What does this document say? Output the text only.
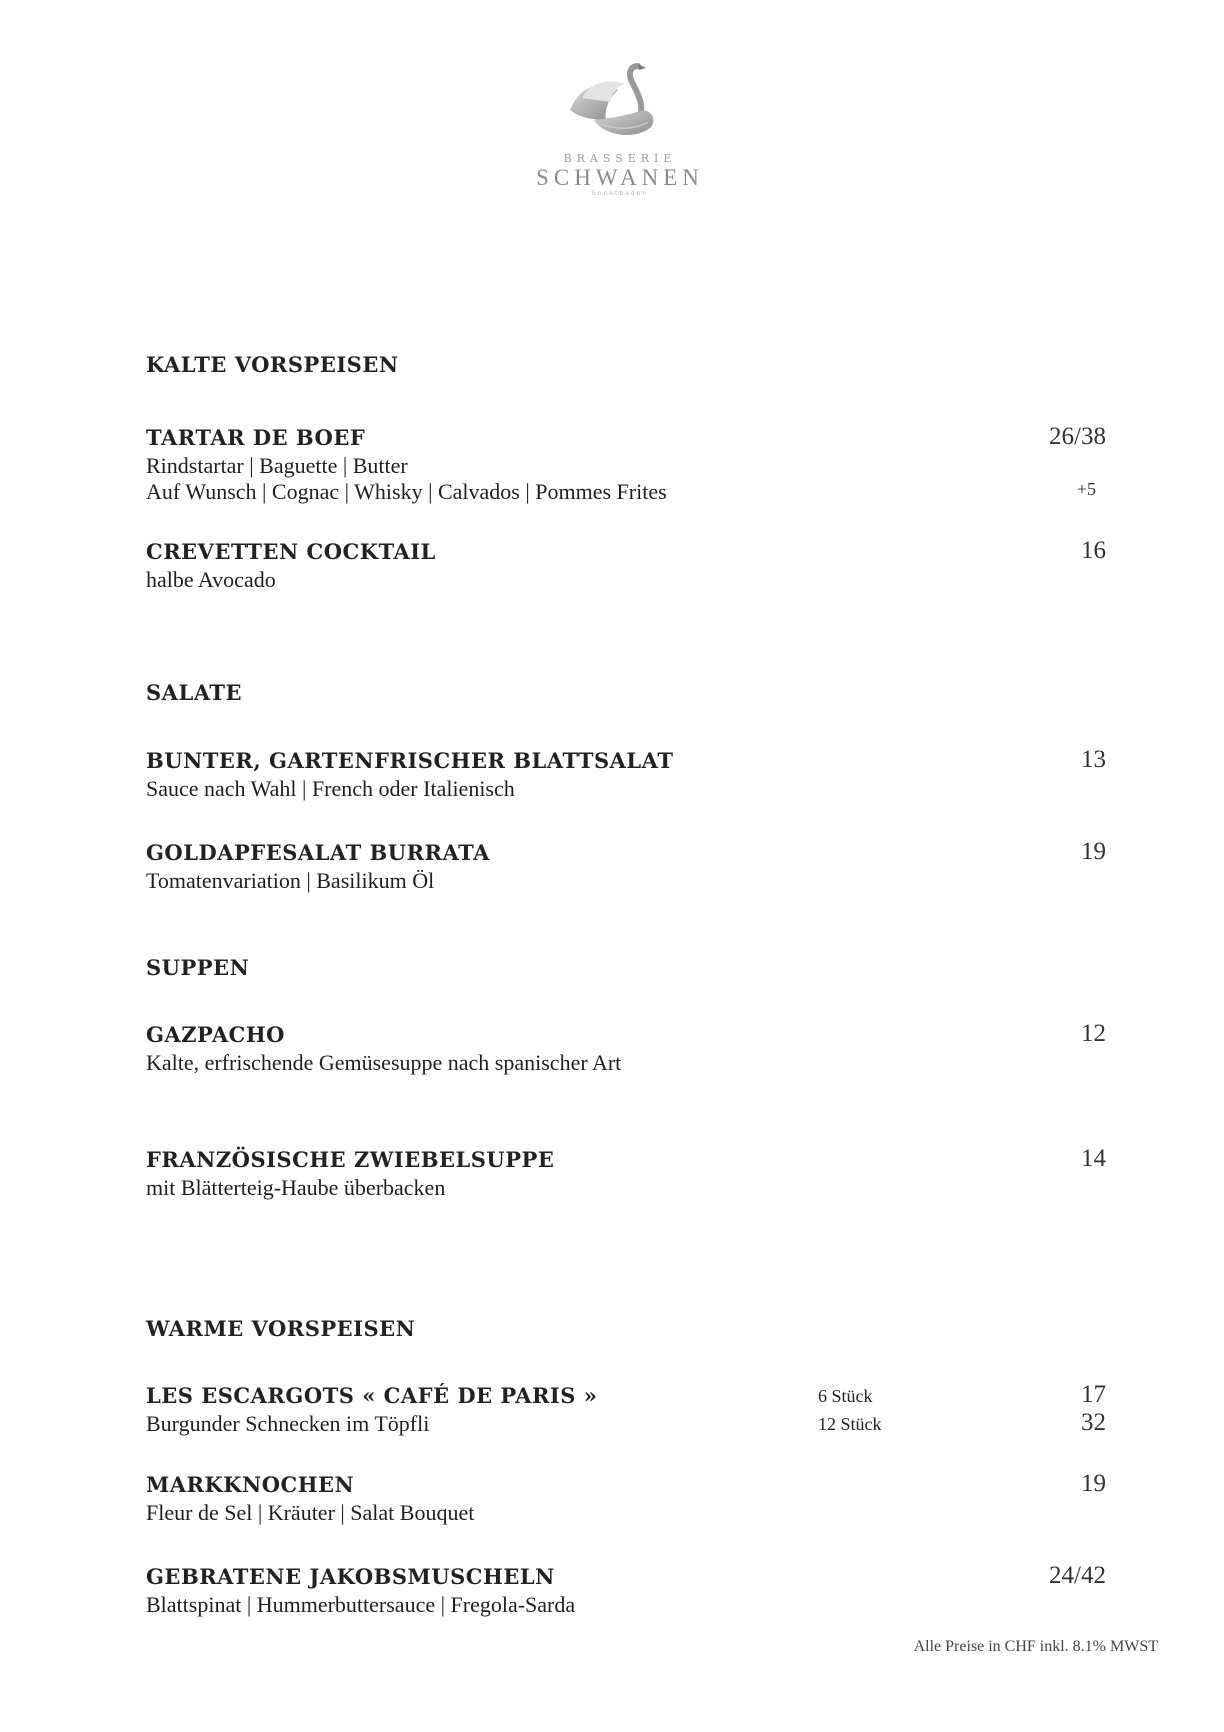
BRASSERIE
SCHWANEN
Ennetbaden
KALTE VORSPEISEN
TARTAR DE BOEF	26/38
Rindstartar | Baguette | Butter
Auf Wunsch | Cognac | Whisky | Calvados | Pommes Frites	+5
CREVETTEN COCKTAIL	16
halbe Avocado
SALATE
BUNTER, GARTENFRISCHER BLATTSALAT	13
Sauce nach Wahl | French oder Italienisch
GOLDAPFESALAT BURRATA	19
Tomatenvariation | Basilikum Öl
SUPPEN
GAZPACHO	12
Kalte, erfrischende Gemüsesuppe nach spanischer Art
FRANZÖSISCHE ZWIEBELSUPPE	14
mit Blätterteig-Haube überbacken
WARME VORSPEISEN
LES ESCARGOTS « CAFÉ DE PARIS »	6 Stück	17
Burgunder Schnecken im Töpfli	12 Stück	32
MARKKNOCHEN	19
Fleur de Sel | Kräuter | Salat Bouquet
GEBRATENE JAKOBSMUSCHELN	24/42
Blattspinat | Hummerbuttersauce | Fregola-Sarda
Alle Preise in CHF inkl. 8.1% MWST
